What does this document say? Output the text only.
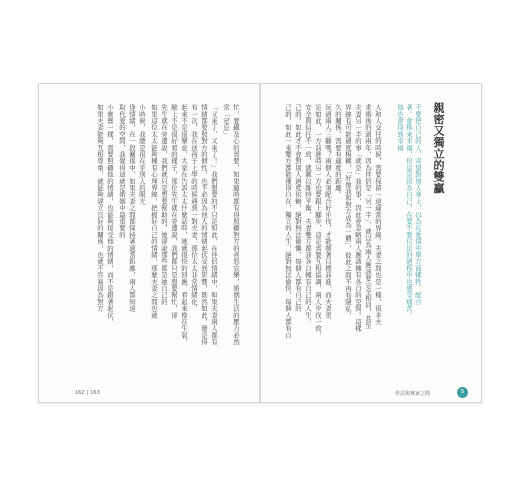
親密又獨立的雙贏
不要把自己的人，寄望對別人身上，以為在愛情中單方面犧牲、配合
著，會換來幸福，但這是因為自己，在要不要付出的過程中也感受痛苦。
他也會得到幸福
人和人交往的時候，需要保留一道適當的界線，夫妻之間也是一樣，很多夫
求婚後的頭兩年，因為伴侶是「另一半」，就以為兩人應該要完全相同，甚至
夫妻另一半的事「就是」我的事，因此會忽略兩人應該擁有各自的空間。這樣
界線有可能過度模糊，「好像我和對方成為一體」，彼此之間不再有隱私，
久的關係，需要有適度的距離。
玩過兩人三腳嗎？兩個人必須配合好步伐，才能朝著目標前進，而夫妻更
是如此，一方前進時另一方也要跟上腳步，這是需要互相協調，兩人步伐一致，
安全與信任不一致，就難以維持平衡，夫妻雙方都該各自擁有自己的人生，
己的。如此才不會對別人過度依賴，絕對無法偷懶，每個人都有自己的
己的，如此一來雙方都能獲得自在，獨立的人生，絕對無法偷快，每個人都有自
忙，要顧及心的需要，如果隨時都有得照顧對方的喜怒哀樂，婚姻生活的壓力必然
常「窒息」
「又來了，又來了！」我們想要的不只是如此，在伴侶情緒中，如果夫妻兩人都有
情緒都要照對方的個性，也不必因為他人的情緒起伏受到影響，既然如此，還是得
有一次，我在送孩子上學的時候遇到一對夫妻，那位太太非常情緒化，
起來不是很樂意，大家在告訴太太什麼話時，她就很快的回應，看起來像在生氣，
臉上不是很好看的樣子，那位先生就在旁邊說，我們都只是想要幫忙，卻
先生就在旁邊說，我們就只是想要幫助的，她卻說那些都是她自己的
如果這位太太能夠擁有心理界線，把握好自己的情緒，那麼夫妻之間也就
小時候，我總是很在乎別人的眼光
逢情緒，在一段關係中，如果夫妻之間都保持著適當距離，兩人都知道
取代愛的空間，我覺得這就是婚姻中最重要的
小寶寶一樣，需要照顧他的情緒，也能夠接受他的情緒，而不是跟著起伏，
如果夫妻能夠互相尊重，就能夠建立良好的關係，也就不容易因為對方
162 | 163	作法與專家之間	5
